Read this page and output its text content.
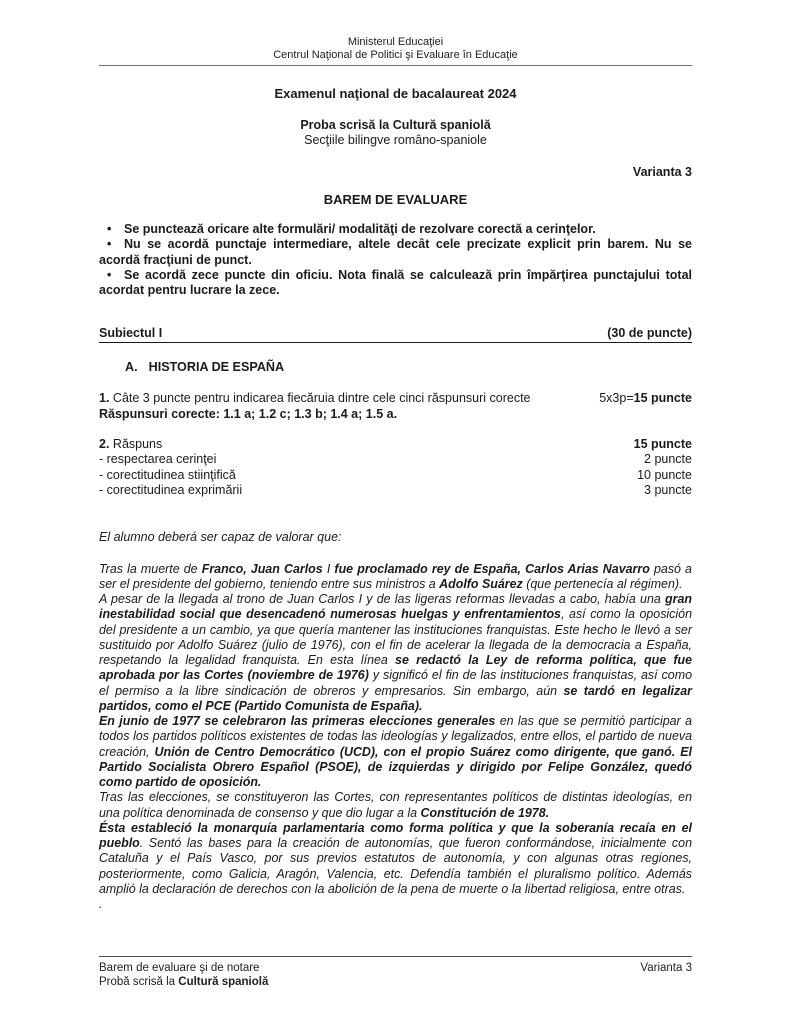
Ministerul Educaţiei
Centrul Naţional de Politici şi Evaluare în Educaţie
Examenul naţional de bacalaureat 2024
Proba scrisă la Cultură spaniolă
Secţiile bilingve româno-spaniole
Varianta 3
BAREM DE EVALUARE

• Se punctează oricare alte formulări/ modalităţi de rezolvare corectă a cerinţelor.

• Nu se acordă punctaje intermediare, altele decât cele precizate explicit prin barem. Nu se acordă fracţiuni de punct.

• Se acordă zece puncte din oficiu. Nota finală se calculează prin împărţirea punctajului total acordat pentru lucrare la zece.

Subiectul I	(30 de puncte)
A. HISTORIA DE ESPAÑA
1. Câte 3 puncte pentru indicarea fiecăruia dintre cele cinci răspunsuri corecte	5x3p=15 puncte
Răspunsuri corecte: 1.1 a; 1.2 c; 1.3 b; 1.4 a; 1.5 a.
2. Răspuns	15 puncte
- respectarea cerinţei	2 puncte
- corectitudinea stiinţifică	10 puncte
- corectitudinea exprimării	3 puncte

El alumno deberá ser capaz de valorar que:

Tras la muerte de Franco, Juan Carlos I fue proclamado rey de España, Carlos Arias Navarro pasó a ser el presidente del gobierno, teniendo entre sus ministros a Adolfo Suárez (que pertenecía al régimen).

A pesar de la llegada al trono de Juan Carlos I y de las ligeras reformas llevadas a cabo, había una gran inestabilidad social que desencadenó numerosas huelgas y enfrentamientos, así como la oposición del presidente a un cambio, ya que quería mantener las instituciones franquistas. Este hecho le llevó a ser sustituido por Adolfo Suárez (julio de 1976), con el fin de acelerar la llegada de la democracia a España, respetando la legalidad franquista. En esta línea se redactó la Ley de reforma política, que fue aprobada por las Cortes (noviembre de 1976) y significó el fin de las instituciones franquistas, así como el permiso a la libre sindicación de obreros y empresarios. Sin embargo, aún se tardó en legalizar partidos, como el PCE (Partido Comunista de España).

En junio de 1977 se celebraron las primeras elecciones generales en las que se permitió participar a todos los partidos políticos existentes de todas las ideologías y legalizados, entre ellos, el partido de nueva creación, Unión de Centro Democrático (UCD), con el propio Suárez como dirigente, que ganó. El Partido Socialista Obrero Español (PSOE), de izquierdas y dirigido por Felipe González, quedó como partido de oposición.

Tras las elecciones, se constituyeron las Cortes, con representantes políticos de distintas ideologías, en una política denominada de consenso y que dio lugar a la Constitución de 1978.

Ésta estableció la monarquía parlamentaria como forma política y que la soberanía recaía en el pueblo. Sentó las bases para la creación de autonomías, que fueron conformándose, inicialmente con Cataluña y el País Vasco, por sus previos estatutos de autonomía, y con algunas otras regiones, posteriormente, como Galicia, Aragón, Valencia, etc. Defendía también el pluralismo político. Además amplió la declaración de derechos con la abolición de la pena de muerte o la libertad religiosa, entre otras.

.

Barem de evaluare şi de notare	Varianta 3
Probă scrisă la Cultură spaniolă
